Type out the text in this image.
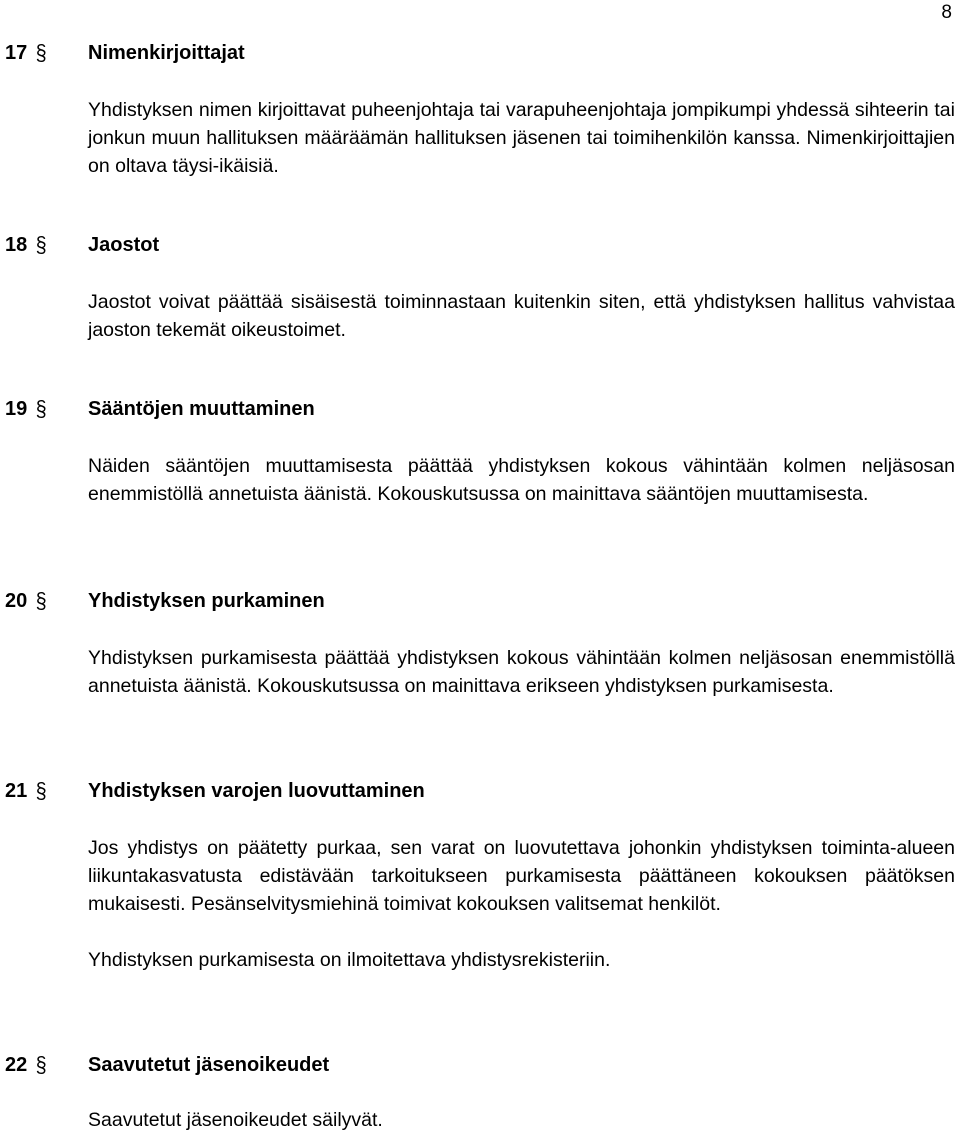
8
17 § Nimenkirjoittajat

Yhdistyksen nimen kirjoittavat puheenjohtaja tai varapuheenjohtaja jompikumpi yhdessä sihteerin tai jonkun muun hallituksen määräämän hallituksen jäsenen tai toimihenkilön kanssa. Nimenkirjoittajien on oltava täysi-ikäisiä.

18 § Jaostot

Jaostot voivat päättää sisäisestä toiminnastaan kuitenkin siten, että yhdistyksen hallitus vahvistaa jaoston tekemät oikeustoimet.

19 § Sääntöjen muuttaminen

Näiden sääntöjen muuttamisesta päättää yhdistyksen kokous vähintään kolmen neljäsosan enemmistöllä annetuista äänistä. Kokouskutsussa on mainittava sääntöjen muuttamisesta.

20 § Yhdistyksen purkaminen

Yhdistyksen purkamisesta päättää yhdistyksen kokous vähintään kolmen neljäsosan enemmistöllä annetuista äänistä. Kokouskutsussa on mainittava erikseen yhdistyksen purkamisesta.

21 § Yhdistyksen varojen luovuttaminen

Jos yhdistys on päätetty purkaa, sen varat on luovutettava johonkin yhdistyksen toiminta-alueen liikuntakasvatusta edistävään tarkoitukseen purkamisesta päättäneen kokouksen päätöksen mukaisesti. Pesänselvitysmiehinä toimivat kokouksen valitsemat henkilöt.

Yhdistyksen purkamisesta on ilmoitettava yhdistysrekisteriin.

22 § Saavutetut jäsenoikeudet

Saavutetut jäsenoikeudet säilyvät.
